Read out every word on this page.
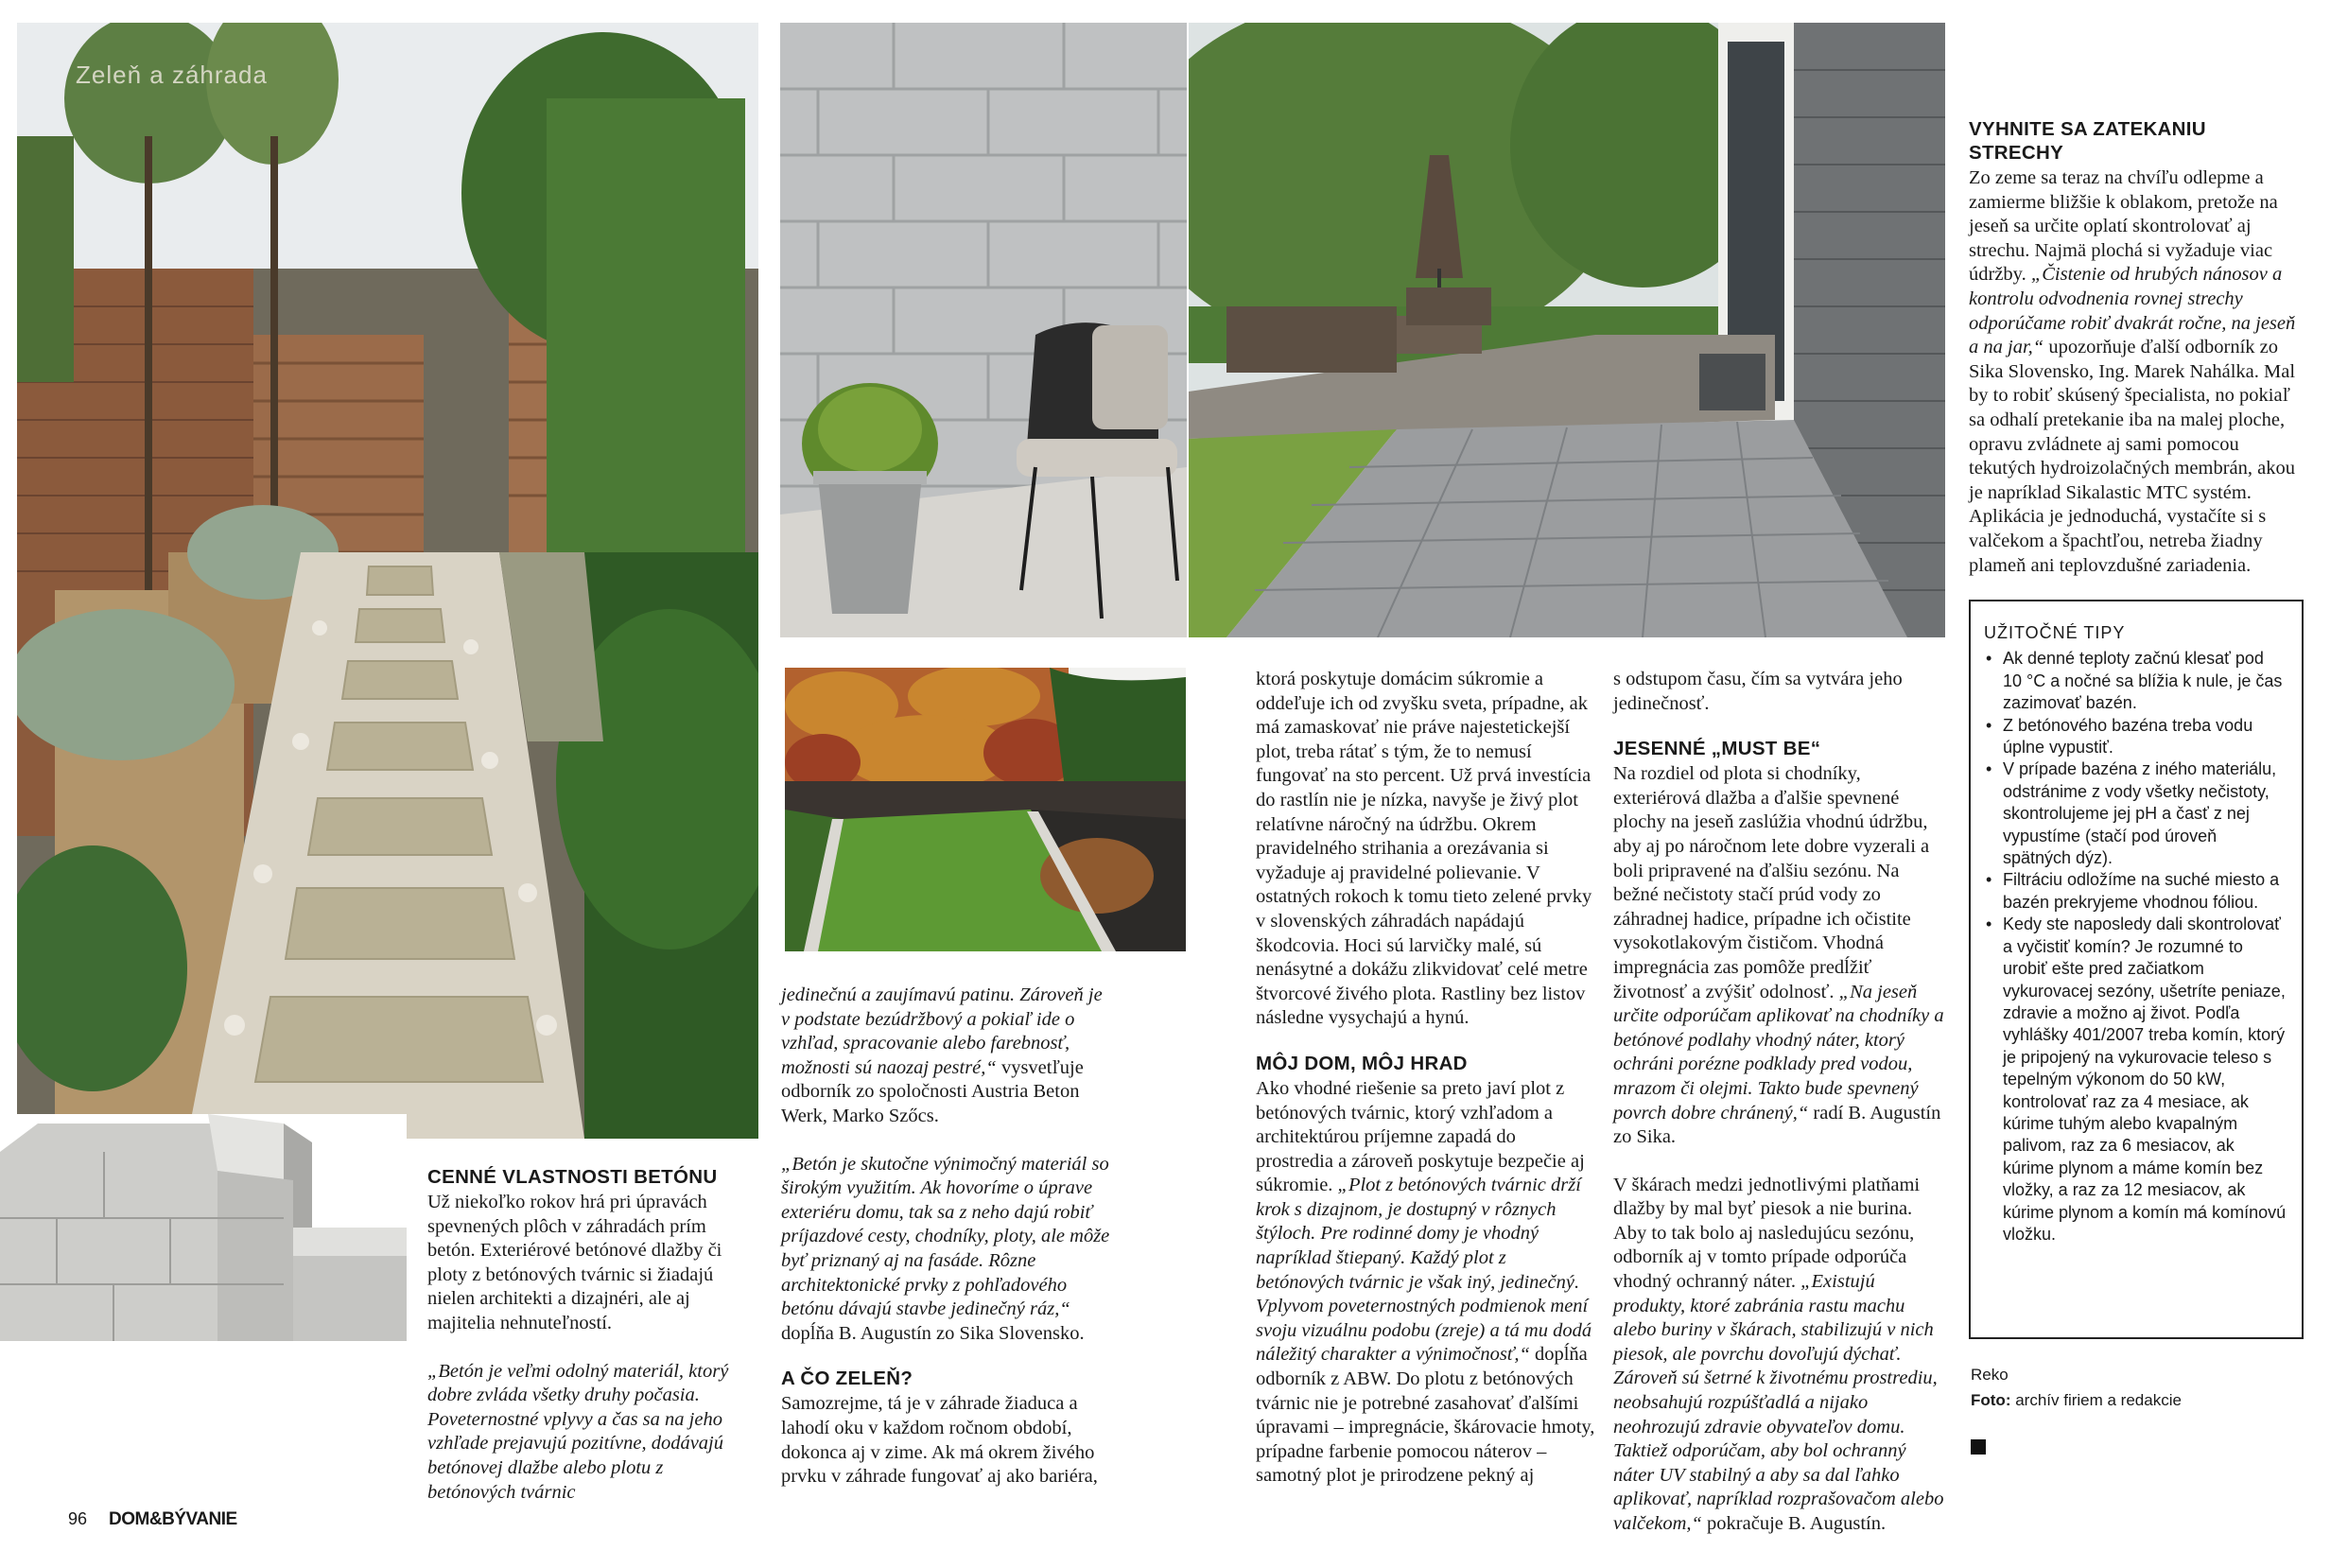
Zeleň a záhrada
CENNÉ VLASTNOSTI BETÓNU

Už niekoľko rokov hrá pri úpravách spevnených plôch v záhradách prím betón. Exteriérové betónové dlažby či ploty z betónových tvárnic si žiadajú nielen architekti a dizajnéri, ale aj majitelia nehnuteľností.

„Betón je veľmi odolný materiál, ktorý dobre zvláda všetky druhy počasia. Poveternostné vplyvy a čas sa na jeho vzhľade prejavujú pozitívne, dodávajú betónovej dlažbe alebo plotu z betónových tvárnic

jedinečnú a zaujímavú patinu. Zároveň je v podstate bezúdržbový a pokiaľ ide o vzhľad, spracovanie alebo farebnosť, možnosti sú naozaj pestré,“ vysvetľuje odborník zo spoločnosti Austria Beton Werk, Marko Szőcs.

„Betón je skutočne výnimočný materiál so širokým využitím. Ak hovoríme o úprave exteriéru domu, tak sa z neho dajú robiť príjazdové cesty, chodníky, ploty, ale môže byť priznaný aj na fasáde. Rôzne architektonické prvky z pohľadového betónu dávajú stavbe jedinečný ráz,“ dopĺňa B. Augustín zo Sika Slovensko.

A ČO ZELEŇ?

Samozrejme, tá je v záhrade žiaduca a lahodí oku v každom ročnom období, dokonca aj v zime. Ak má okrem živého prvku v záhrade fungovať aj ako bariéra,

ktorá poskytuje domácim súkromie a oddeľuje ich od zvyšku sveta, prípadne, ak má zamaskovať nie práve najestetickejší plot, treba rátať s tým, že to nemusí fungovať na sto percent. Už prvá investícia do rastlín nie je nízka, navyše je živý plot relatívne náročný na údržbu. Okrem pravidelného strihania a orezávania si vyžaduje aj pravidelné polievanie. V ostatných rokoch k tomu tieto zelené prvky v slovenských záhradách napádajú škodcovia. Hoci sú larvičky malé, sú nenásytné a dokážu zlikvidovať celé metre štvorcové živého plota. Rastliny bez listov následne vysychajú a hynú.

MÔJ DOM, MÔJ HRAD

Ako vhodné riešenie sa preto javí plot z betónových tvárnic, ktorý vzhľadom a architektúrou príjemne zapadá do prostredia a zároveň poskytuje bezpečie aj súkromie. „Plot z betónových tvárnic drží krok s dizajnom, je dostupný v rôznych štýloch. Pre rodinné domy je vhodný napríklad štiepaný. Každý plot z betónových tvárnic je však iný, jedinečný. Vplyvom poveternostných podmienok mení svoju vizuálnu podobu (zreje) a tá mu dodá náležitý charakter a výnimočnosť,“ dopĺňa odborník z ABW. Do plotu z betónových tvárnic nie je potrebné zasahovať ďalšími úpravami – impregnácie, škárovacie hmoty, prípadne farbenie pomocou náterov – samotný plot je prirodzene pekný aj

s odstupom času, čím sa vytvára jeho jedinečnosť.

JESENNÉ „MUST BE“

Na rozdiel od plota si chodníky, exteriérová dlažba a ďalšie spevnené plochy na jeseň zaslúžia vhodnú údržbu, aby aj po náročnom lete dobre vyzerali a boli pripravené na ďalšiu sezónu. Na bežné nečistoty stačí prúd vody zo záhradnej hadice, prípadne ich očistite vysokotlakovým čističom. Vhodná impregnácia zas pomôže predĺžiť životnosť a zvýšiť odolnosť. „Na jeseň určite odporúčam aplikovať na chodníky a betónové podlahy vhodný náter, ktorý ochráni porézne podklady pred vodou, mrazom či olejmi. Takto bude spevnený povrch dobre chránený,“ radí B. Augustín zo Sika.

V škárach medzi jednotlivými platňami dlažby by mal byť piesok a nie burina. Aby to tak bolo aj nasledujúcu sezónu, odborník aj v tomto prípade odporúča vhodný ochranný náter. „Existujú produkty, ktoré zabránia rastu machu alebo buriny v škárach, stabilizujú v nich piesok, ale povrchu dovoľujú dýchať. Zároveň sú šetrné k životnému prostrediu, neobsahujú rozpúšťadlá a nijako neohrozujú zdravie obyvateľov domu. Taktiež odporúčam, aby bol ochranný náter UV stabilný a aby sa dal ľahko aplikovať, napríklad rozprašovačom alebo valčekom,“ pokračuje B. Augustín.

VYHNITE SA ZATEKANIU STRECHY

Zo zeme sa teraz na chvíľu odlepme a zamierme bližšie k oblakom, pretože na jeseň sa určite oplatí skontrolovať aj strechu. Najmä plochá si vyžaduje viac údržby. „Čistenie od hrubých nánosov a kontrolu odvodnenia rovnej strechy odporúčame robiť dvakrát ročne, na jeseň a na jar,“ upozorňuje ďalší odborník zo Sika Slovensko, Ing. Marek Nahálka. Mal by to robiť skúsený špecialista, no pokiaľ sa odhalí pretekanie iba na malej ploche, opravu zvládnete aj sami pomocou tekutých hydroizolačných membrán, akou je napríklad Sikalastic MTC systém. Aplikácia je jednoduchá, vystačíte si s valčekom a špachtľou, netreba žiadny plameň ani teplovzdušné zariadenia.

UŽITOČNÉ TIPY

• Ak denné teploty začnú klesať pod 10 °C a nočné sa blížia k nule, je čas zazimovať bazén.
• Z betónového bazéna treba vodu úplne vypustiť.
• V prípade bazéna z iného materiálu, odstránime z vody všetky nečistoty, skontrolujeme jej pH a časť z nej vypustíme (stačí pod úroveň spätných dýz).
• Filtráciu odložíme na suché miesto a bazén prekryjeme vhodnou fóliou.
• Kedy ste naposledy dali skontrolovať a vyčistiť komín? Je rozumné to urobiť ešte pred začiatkom vykurovacej sezóny, ušetríte peniaze, zdravie a možno aj život. Podľa vyhlášky 401/2007 treba komín, ktorý je pripojený na vykurovacie teleso s tepelným výkonom do 50 kW, kontrolovať raz za 4 mesiace, ak kúrime tuhým alebo kvapalným palivom, raz za 6 mesiacov, ak kúrime plynom a máme komín bez vložky, a raz za 12 mesiacov, ak kúrime plynom a komín má komínovú vložku.
Reko
Foto: archív firiem a redakcie
96 DOM&BÝVANIE
